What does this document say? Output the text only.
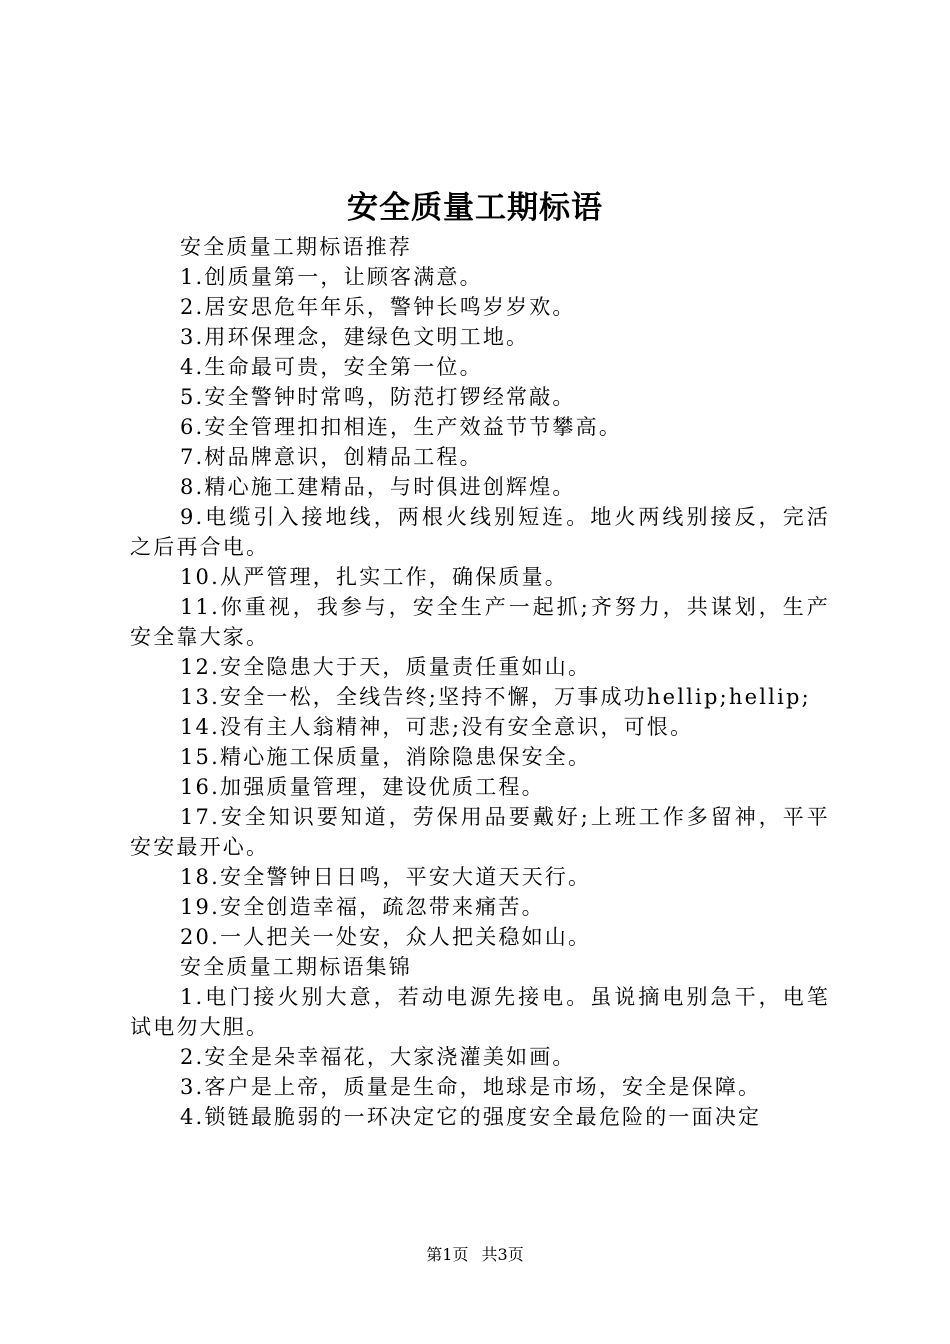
安全质量工期标语

安全质量工期标语推荐

1.创质量第一，让顾客满意。

2.居安思危年年乐，警钟长鸣岁岁欢。

3.用环保理念，建绿色文明工地。

4.生命最可贵，安全第一位。

5.安全警钟时常鸣，防范打锣经常敲。

6.安全管理扣扣相连，生产效益节节攀高。

7.树品牌意识，创精品工程。

8.精心施工建精品，与时俱进创辉煌。

9.电缆引入接地线，两根火线别短连。地火两线别接反，完活之后再合电。

10.从严管理，扎实工作，确保质量。

11.你重视，我参与，安全生产一起抓;齐努力，共谋划，生产安全靠大家。

12.安全隐患大于天，质量责任重如山。

13.安全一松，全线告终;坚持不懈，万事成功hellip;hellip;

14.没有主人翁精神，可悲;没有安全意识，可恨。

15.精心施工保质量，消除隐患保安全。

16.加强质量管理，建设优质工程。

17.安全知识要知道，劳保用品要戴好;上班工作多留神，平平安安最开心。

18.安全警钟日日鸣，平安大道天天行。

19.安全创造幸福，疏忽带来痛苦。

20.一人把关一处安，众人把关稳如山。

安全质量工期标语集锦

1.电门接火别大意，若动电源先接电。虽说摘电别急干，电笔试电勿大胆。

2.安全是朵幸福花，大家浇灌美如画。

3.客户是上帝，质量是生命，地球是市场，安全是保障。

4.锁链最脆弱的一环决定它的强度安全最危险的一面决定

第1页 共3页
